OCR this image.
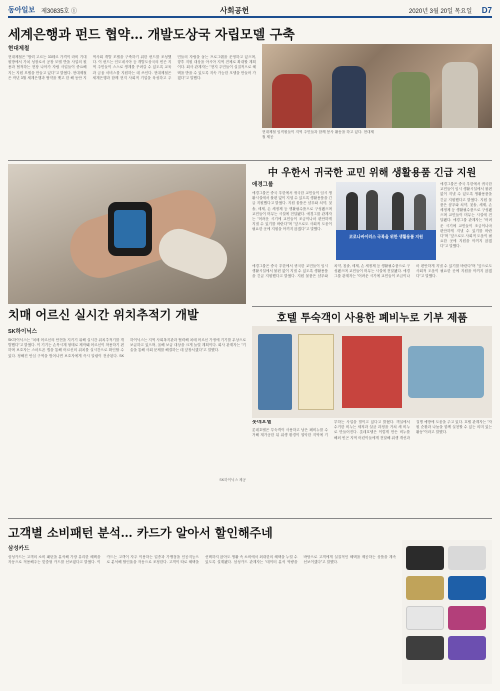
동아일보 제30835호 ①	사회공헌	2020년 3월 20일 목요일 D7
세계은행과 펀드 협약… 개발도상국 자립모델 구축
현대제철
현대제철은 "합력 고르는 33테르 가격이 라비 기대 원방에서 가치 성장로서 공장 모델 반을 사업의 원용과 협적하는 현장 나아가 자립 사업들이 중요해지는 지원 모델을 만들고 있다"고 밝혔다. 현대제철은 작년 3월 세계은행과 협약을 맺고 한 해 동안 지역사회 개발 모델을 구축하기 위한 펀드를 조성했다. 이 펀드는 인도네시아 등 개발도상국의 빈곤 지역 주민들이 스스로 생계를 꾸려갈 수 있도록 교육과 금융 서비스를 지원하는 데 쓰인다. 현대제철은 세계은행과 함께 현지 사회적 기업을 육성하고 주민들의 자립을 돕는 프로그램을 운영하고 있으며, 향후 지원 대상을 아시아 지역 전체로 확대할 계획이다. 회사 관계자는 "현지 주민들이 실질적으로 혜택을 받을 수 있도록 지속 가능한 모델을 만들어 가겠다"고 말했다.
현대제철 임직원들이 지역 주민들과 함께 봉사 활동을 하고 있다. 현대제철 제공
치매 어르신 실시간 위치추적기 개발
SK하이닉스
SK하이닉스는 "치매 어르신의 안전을 지키기 위해 실시간 위치추적기를 개발했다"고 밝혔다. 이 기기는 손목시계 형태로 제작돼 어르신이 착용하기 편하며 보호자는 스마트폰 앱을 통해 어르신의 위치를 실시간으로 확인할 수 있다. 정해진 안심 구역을 벗어나면 보호자에게 즉시 알림이 전송된다. SK하이닉스는 지역 사회복지관과 협력해 치매 어르신 가정에 기기를 무상으로 보급하고 있으며, 올해 보급 대상을 크게 늘릴 계획이다. 회사 관계자는 "기술을 통해 사회 문제를 해결하는 데 앞장서겠다"고 말했다.
SK하이닉스 제공
中 우한서 귀국한 교민 위해 생활용품 긴급 지원
애경그룹
애경그룹은 중국 우한에서 귀국한 교민들이 임시 생활시설에서 불편 없이 지낼 수 있도록 생활용품을 긴급 지원했다고 밝혔다. 지원 물품은 샴푸와 치약, 칫솔, 세제, 손 세정제 등 생활필수품으로 구성됐으며 교민들이 머무는 시설에 전달됐다. 애경그룹 관계자는 "어려운 시기에 교민들이 조금이나마 편안하게 지낼 수 있기를 바란다"며 "앞으로도 사회적 도움이 필요한 곳에 지원을 아끼지 않겠다"고 말했다.
코로나바이러스 극복을 위한 생활용품 지원
애경그룹은 중국 우한에서 귀국한 교민들이 임시 생활시설에서 불편 없이 지낼 수 있도록 생활용품을 긴급 지원했다고 밝혔다. 지원 물품은 샴푸와 치약, 칫솔, 세제, 손 세정제 등 생활필수품으로 구성됐으며 교민들이 머무는 시설에 전달됐다. 애경그룹 관계자는 "어려운 시기에 교민들이 조금이나마 편안하게 지낼 수 있기를 바란다"며 "앞으로도 사회적 도움이 필요한 곳에 지원을 아끼지 않겠다"고 말했다.
애경그룹은 중국 우한에서 귀국한 교민들이 임시 생활시설에서 불편 없이 지낼 수 있도록 생활용품을 긴급 지원했다고 밝혔다. 지원 물품은 샴푸와 치약, 칫솔, 세제, 손 세정제 등 생활필수품으로 구성됐으며 교민들이 머무는 시설에 전달됐다. 애경그룹 관계자는 "어려운 시기에 교민들이 조금이나마 편안하게 지낼 수 있기를 바란다"며 "앞으로도 사회적 도움이 필요한 곳에 지원을 아끼지 않겠다"고 말했다.
호텔 투숙객이 사용한 폐비누로 기부 제품
롯데호텔
롯데호텔은 투숙객이 사용하고 남은 폐비누를 수거해 재가공한 뒤 위생 환경이 열악한 지역에 기부하는 사업을 벌이고 있다고 밝혔다. 객실에서 수거한 비누는 세척과 살균 과정을 거쳐 새 비누로 만들어진다. 롯데호텔은 이렇게 만든 비누를 해외 빈곤 지역 어린이들에게 전달해 위생 개선과 질병 예방에 도움을 주고 있다. 호텔 관계자는 "자원 순환과 나눔을 함께 실천할 수 있는 의미 있는 활동"이라고 말했다.
고객별 소비패턴 분석… 카드가 알아서 할인해주네
삼성카드
삼성카드는 고객의 소비 패턴을 분석해 가장 유리한 혜택을 자동으로 적용해주는 맞춤형 카드를 선보였다고 밝혔다. 이 카드는 고객이 자주 이용하는 업종과 가맹점을 인공지능으로 분석해 할인율을 자동으로 조정한다. 고객이 따로 혜택을 선택하지 않아도 생활 속 소비에서 최대한의 혜택을 누릴 수 있도록 설계됐다. 삼성카드 관계자는 "데이터 분석 역량을 바탕으로 고객에게 실질적인 혜택을 제공하는 상품을 계속 선보이겠다"고 말했다.
